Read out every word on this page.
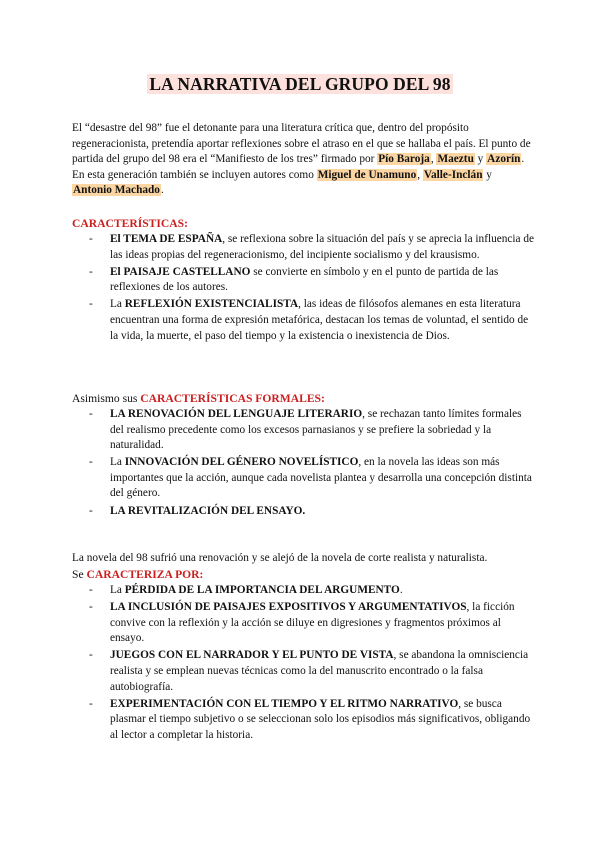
LA NARRATIVA DEL GRUPO DEL 98

El “desastre del 98” fue el detonante para una literatura crítica que, dentro del propósito regeneracionista, pretendía aportar reflexiones sobre el atraso en el que se hallaba el país. El punto de partida del grupo del 98 era el “Manifiesto de los tres” firmado por Pío Baroja, Maeztu y Azorín. En esta generación también se incluyen autores como Miguel de Unamuno, Valle-Inclán y Antonio Machado.

CARACTERÍSTICAS:

- El TEMA DE ESPAÑA, se reflexiona sobre la situación del país y se aprecia la influencia de las ideas propias del regeneracionismo, del incipiente socialismo y del krausismo.
- El PAISAJE CASTELLANO se convierte en símbolo y en el punto de partida de las reflexiones de los autores.
- La REFLEXIÓN EXISTENCIALISTA, las ideas de filósofos alemanes en esta literatura encuentran una forma de expresión metafórica, destacan los temas de voluntad, el sentido de la vida, la muerte, el paso del tiempo y la existencia o inexistencia de Dios.

Asimismo sus CARACTERÍSTICAS FORMALES:

- LA RENOVACIÓN DEL LENGUAJE LITERARIO, se rechazan tanto límites formales del realismo precedente como los excesos parnasianos y se prefiere la sobriedad y la naturalidad.
- La INNOVACIÓN DEL GÉNERO NOVELÍSTICO, en la novela las ideas son más importantes que la acción, aunque cada novelista plantea y desarrolla una concepción distinta del género.
- LA REVITALIZACIÓN DEL ENSAYO.

La novela del 98 sufrió una renovación y se alejó de la novela de corte realista y naturalista.

Se CARACTERIZA POR:

- La PÉRDIDA DE LA IMPORTANCIA DEL ARGUMENTO.
- LA INCLUSIÓN DE PAISAJES EXPOSITIVOS Y ARGUMENTATIVOS, la ficción convive con la reflexión y la acción se diluye en digresiones y fragmentos próximos al ensayo.
- JUEGOS CON EL NARRADOR Y EL PUNTO DE VISTA, se abandona la omnisciencia realista y se emplean nuevas técnicas como la del manuscrito encontrado o la falsa autobiografía.
- EXPERIMENTACIÓN CON EL TIEMPO Y EL RITMO NARRATIVO, se busca plasmar el tiempo subjetivo o se seleccionan solo los episodios más significativos, obligando al lector a completar la historia.
